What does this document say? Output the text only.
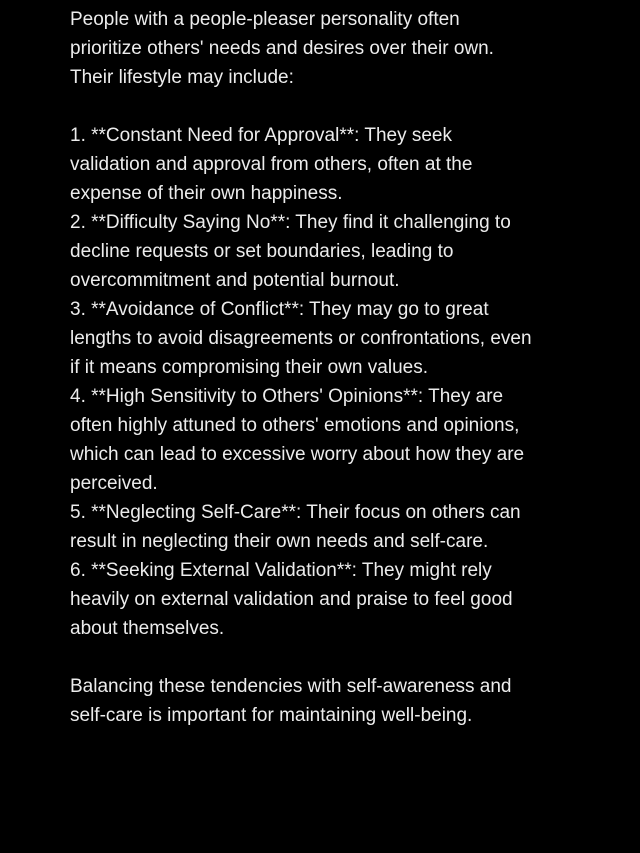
People with a people-pleaser personality often prioritize others' needs and desires over their own. Their lifestyle may include:

1. **Constant Need for Approval**: They seek validation and approval from others, often at the expense of their own happiness.

2. **Difficulty Saying No**: They find it challenging to decline requests or set boundaries, leading to overcommitment and potential burnout.

3. **Avoidance of Conflict**: They may go to great lengths to avoid disagreements or confrontations, even if it means compromising their own values.

4. **High Sensitivity to Others' Opinions**: They are often highly attuned to others' emotions and opinions, which can lead to excessive worry about how they are perceived.

5. **Neglecting Self-Care**: Their focus on others can result in neglecting their own needs and self-care.

6. **Seeking External Validation**: They might rely heavily on external validation and praise to feel good about themselves.

Balancing these tendencies with self-awareness and self-care is important for maintaining well-being.
